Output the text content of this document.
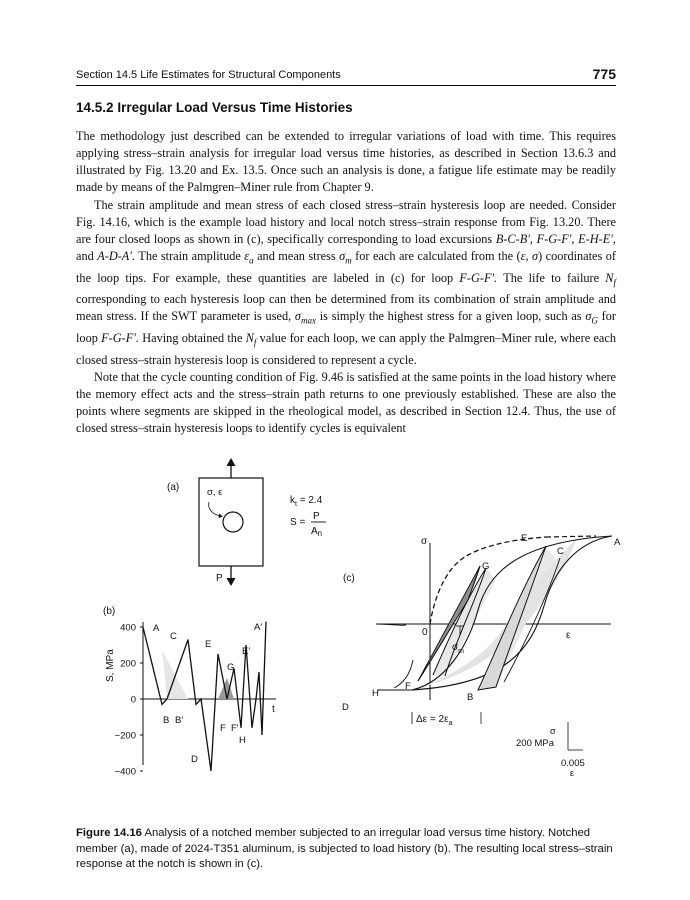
Section 14.5 Life Estimates for Structural Components	775
14.5.2 Irregular Load Versus Time Histories

The methodology just described can be extended to irregular variations of load with time. This requires applying stress–strain analysis for irregular load versus time histories, as described in Section 13.6.3 and illustrated by Fig. 13.20 and Ex. 13.5. Once such an analysis is done, a fatigue life estimate may be readily made by means of the Palmgren–Miner rule from Chapter 9.

The strain amplitude and mean stress of each closed stress–strain hysteresis loop are needed. Consider Fig. 14.16, which is the example load history and local notch stress–strain response from Fig. 13.20. There are four closed loops as shown in (c), specifically corresponding to load excursions B-C-B′, F-G-F′, E-H-E′, and A-D-A′. The strain amplitude $\varepsilon_a$ and mean stress $\sigma_m$ for each are calculated from the (ε, σ) coordinates of the loop tips. For example, these quantities are labeled in (c) for loop F-G-F′. The life to failure $N_f$ corresponding to each hysteresis loop can then be determined from its combination of strain amplitude and mean stress. If the SWT parameter is used, $\sigma_{max}$ is simply the highest stress for a given loop, such as $\sigma_G$ for loop F-G-F′. Having obtained the $N_f$ value for each loop, we can apply the Palmgren–Miner rule, where each closed stress–strain hysteresis loop is considered to represent a cycle.

Note that the cycle counting condition of Fig. 9.46 is satisfied at the same points in the load history where the memory effect acts and the stress–strain path returns to one previously established. These are also the points where segments are skipped in the rheological model, as described in Section 12.4. Thus, the use of closed stress–strain hysteresis loops to identify cycles is equivalent

(a)	σ, ε
P
$k_t = 2.4$
S =
P
$A_n$
(b)
S, MPa
t
400
200
0
−200
−400
A
B B′
C
D
E
E′
F F′
G
H
A′
(c)
σ
ε
0
$\sigma_m$
$\Delta\varepsilon = 2\varepsilon_a$
A
B
C
D
E
F
G
H
σ
200 MPa
0.005
ε
Figure 14.16 Analysis of a notched member subjected to an irregular load versus time history. Notched member (a), made of 2024-T351 aluminum, is subjected to load history (b). The resulting local stress–strain response at the notch is shown in (c).
